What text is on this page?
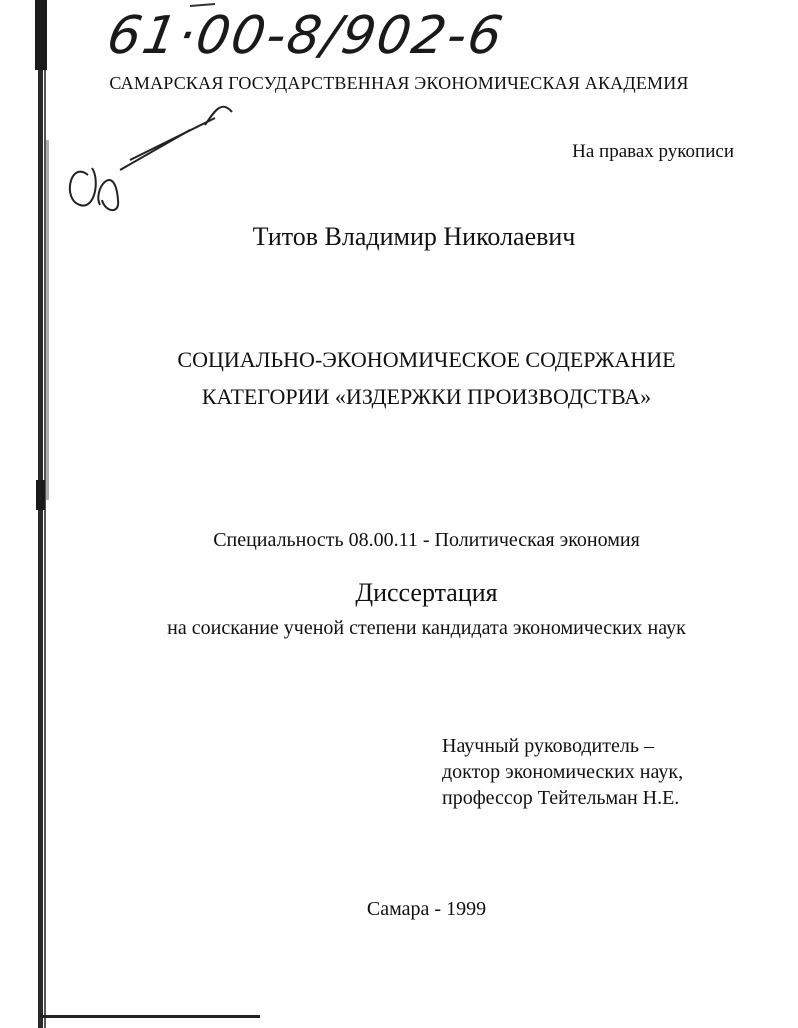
61·00-8/902-6
САМАРСКАЯ ГОСУДАРСТВЕННАЯ ЭКОНОМИЧЕСКАЯ АКАДЕМИЯ
На правах рукописи
Титов Владимир Николаевич
СОЦИАЛЬНО-ЭКОНОМИЧЕСКОЕ СОДЕРЖАНИЕ
КАТЕГОРИИ «ИЗДЕРЖКИ ПРОИЗВОДСТВА»
Специальность 08.00.11 - Политическая экономия
Диссертация
на соискание ученой степени кандидата экономических наук
Научный руководитель –
доктор экономических наук,
профессор Тейтельман Н.Е.
Самара - 1999
